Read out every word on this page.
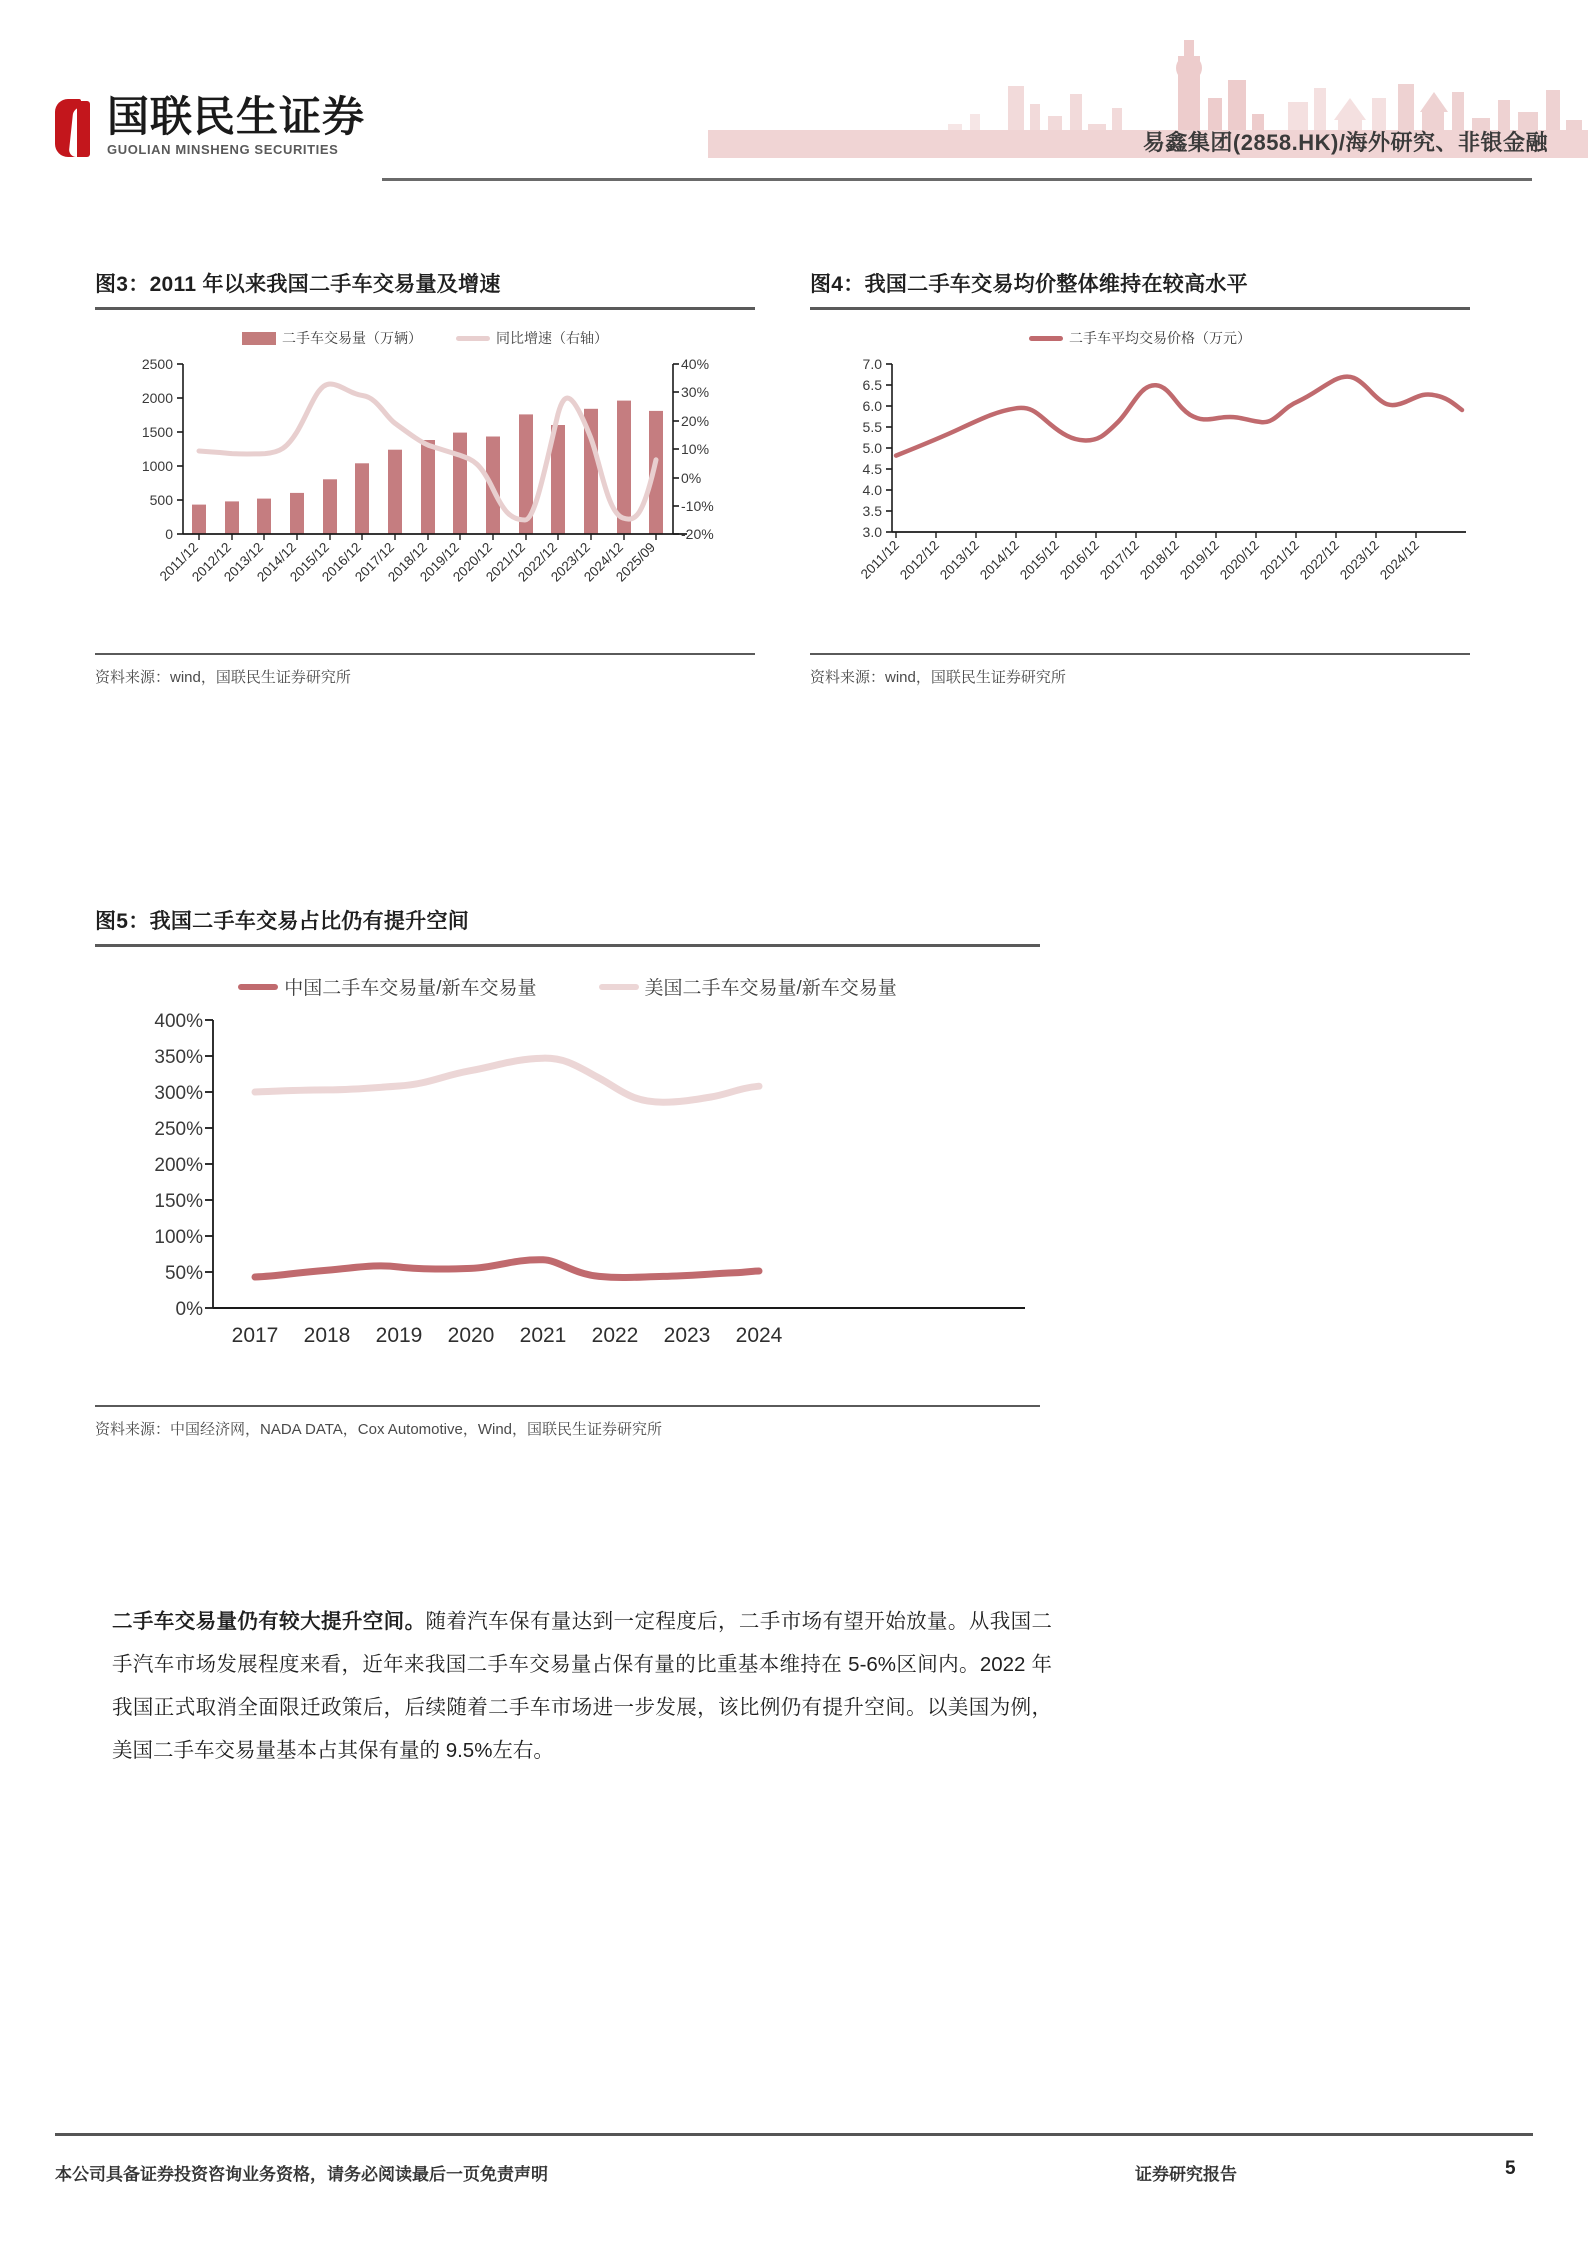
易鑫集团(2858.HK)/海外研究、非银金融
国联民生证券
GUOLIAN MINSHENG SECURITIES
图3：2011 年以来我国二手车交易量及增速
二手车交易量（万辆）	同比增速（右轴）
2500
2000
1500
1000
500
0
40%
30%
20%
10%
0%
-10%
-20%
2011/12
2012/12
2013/12
2014/12
2015/12
2016/12
2017/12
2018/12
2019/12
2020/12
2021/12
2022/12
2023/12
2024/12
2025/09
资料来源：wind，国联民生证券研究所
图4：我国二手车交易均价整体维持在较高水平
二手车平均交易价格（万元）
7.0
6.5
6.0
5.5
5.0
4.5
4.0
3.5
3.0
2011/12
2012/12
2013/12
2014/12
2015/12
2016/12
2017/12
2018/12
2019/12
2020/12
2021/12
2022/12
2023/12
2024/12
资料来源：wind，国联民生证券研究所
图5：我国二手车交易占比仍有提升空间
中国二手车交易量/新车交易量	美国二手车交易量/新车交易量
400%
350%
300%
250%
200%
150%
100%
50%
0%
2017 2018 2019 2020 2021 2022 2023 2024
资料来源：中国经济网，NADA DATA，Cox Automotive，Wind，国联民生证券研究所
二手车交易量仍有较大提升空间。随着汽车保有量达到一定程度后，二手市场有望开始放量。从我国二手汽车市场发展程度来看，近年来我国二手车交易量占保有量的比重基本维持在 5-6%区间内。2022 年我国正式取消全面限迁政策后，后续随着二手车市场进一步发展，该比例仍有提升空间。以美国为例，美国二手车交易量基本占其保有量的 9.5%左右。
本公司具备证券投资咨询业务资格，请务必阅读最后一页免责声明	证券研究报告	5
